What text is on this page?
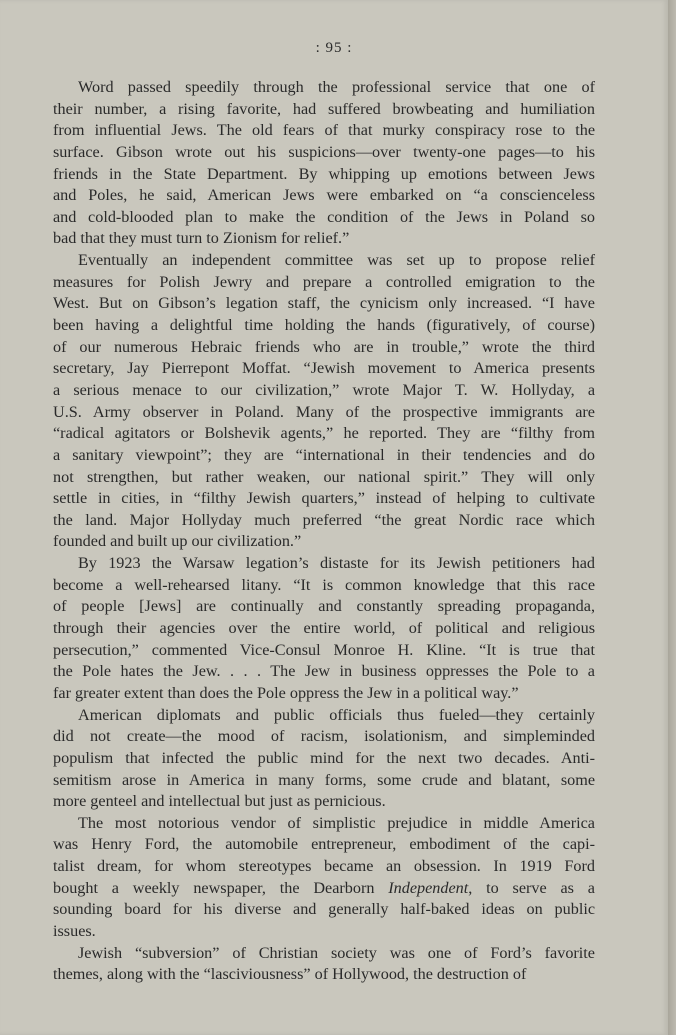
: 95 :
Word passed speedily through the professional service that one of
their number, a rising favorite, had suffered browbeating and humiliation
from influential Jews. The old fears of that murky conspiracy rose to the
surface. Gibson wrote out his suspicions—over twenty-one pages—to his
friends in the State Department. By whipping up emotions between Jews
and Poles, he said, American Jews were embarked on “a conscienceless
and cold-blooded plan to make the condition of the Jews in Poland so
bad that they must turn to Zionism for relief.”
Eventually an independent committee was set up to propose relief
measures for Polish Jewry and prepare a controlled emigration to the
West. But on Gibson’s legation staff, the cynicism only increased. “I have
been having a delightful time holding the hands (figuratively, of course)
of our numerous Hebraic friends who are in trouble,” wrote the third
secretary, Jay Pierrepont Moffat. “Jewish movement to America presents
a serious menace to our civilization,” wrote Major T. W. Hollyday, a
U.S. Army observer in Poland. Many of the prospective immigrants are
“radical agitators or Bolshevik agents,” he reported. They are “filthy from
a sanitary viewpoint”; they are “international in their tendencies and do
not strengthen, but rather weaken, our national spirit.” They will only
settle in cities, in “filthy Jewish quarters,” instead of helping to cultivate
the land. Major Hollyday much preferred “the great Nordic race which
founded and built up our civilization.”
By 1923 the Warsaw legation’s distaste for its Jewish petitioners had
become a well-rehearsed litany. “It is common knowledge that this race
of people [Jews] are continually and constantly spreading propaganda,
through their agencies over the entire world, of political and religious
persecution,” commented Vice-Consul Monroe H. Kline. “It is true that
the Pole hates the Jew. . . . The Jew in business oppresses the Pole to a
far greater extent than does the Pole oppress the Jew in a political way.”
American diplomats and public officials thus fueled—they certainly
did not create—the mood of racism, isolationism, and simpleminded
populism that infected the public mind for the next two decades. Anti-
semitism arose in America in many forms, some crude and blatant, some
more genteel and intellectual but just as pernicious.
The most notorious vendor of simplistic prejudice in middle America
was Henry Ford, the automobile entrepreneur, embodiment of the capi-
talist dream, for whom stereotypes became an obsession. In 1919 Ford
bought a weekly newspaper, the Dearborn Independent, to serve as a
sounding board for his diverse and generally half-baked ideas on public
issues.
Jewish “subversion” of Christian society was one of Ford’s favorite
themes, along with the “lasciviousness” of Hollywood, the destruction of
